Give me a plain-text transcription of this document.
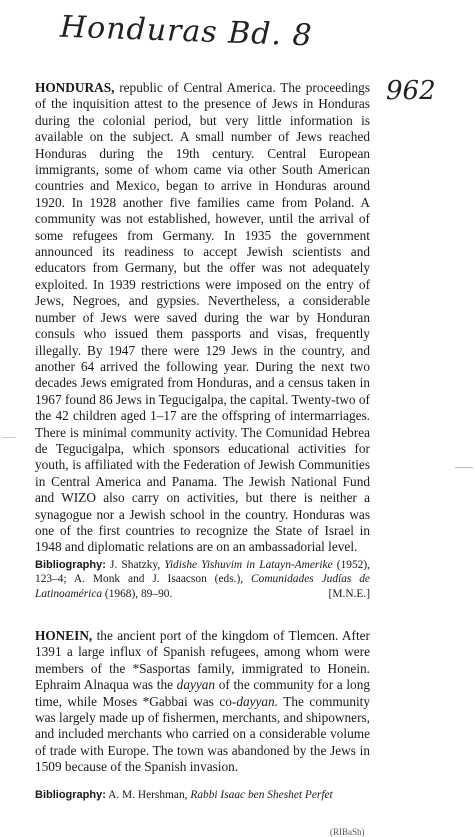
Honduras Bd. 8
962

HONDURAS, republic of Central America. The proceedings of the inquisition attest to the presence of Jews in Honduras during the colonial period, but very little information is available on the subject. A small number of Jews reached Honduras during the 19th century. Central European immigrants, some of whom came via other South American countries and Mexico, began to arrive in Honduras around 1920. In 1928 another five families came from Poland. A community was not established, however, until the arrival of some refugees from Germany. In 1935 the government announced its readiness to accept Jewish scientists and educators from Germany, but the offer was not adequately exploited. In 1939 restrictions were imposed on the entry of Jews, Negroes, and gypsies. Nevertheless, a considerable number of Jews were saved during the war by Honduran consuls who issued them passports and visas, frequently illegally. By 1947 there were 129 Jews in the country, and another 64 arrived the following year. During the next two decades Jews emigrated from Honduras, and a census taken in 1967 found 86 Jews in Tegucigalpa, the capital. Twenty-two of the 42 children aged 1–17 are the offspring of intermarriages. There is minimal community activity. The Comunidad Hebrea de Tegucigalpa, which sponsors educational activities for youth, is affiliated with the Federation of Jewish Communities in Central America and Panama. The Jewish National Fund and WIZO also carry on activities, but there is neither a synagogue nor a Jewish school in the country. Honduras was one of the first countries to recognize the State of Israel in 1948 and diplomatic relations are on an ambassadorial level.

Bibliography: J. Shatzky, Yidishe Yishuvim in Latayn-Amerike (1952), 123–4; A. Monk and J. Isaacson (eds.), Comunidades Judías de Latinoamérica (1968), 89–90.	[M.N.E.]

HONEIN, the ancient port of the kingdom of Tlemcen. After 1391 a large influx of Spanish refugees, among whom were members of the *Sasportas family, immigrated to Honein. Ephraim Alnaqua was the dayyan of the community for a long time, while Moses *Gabbai was co-dayyan. The community was largely made up of fishermen, merchants, and shipowners, and included merchants who carried on a considerable volume of trade with Europe. The town was abandoned by the Jews in 1509 because of the Spanish invasion.

Bibliography: A. M. Hershman, Rabbi Isaac ben Sheshet Perfet

(RIBaSh)
